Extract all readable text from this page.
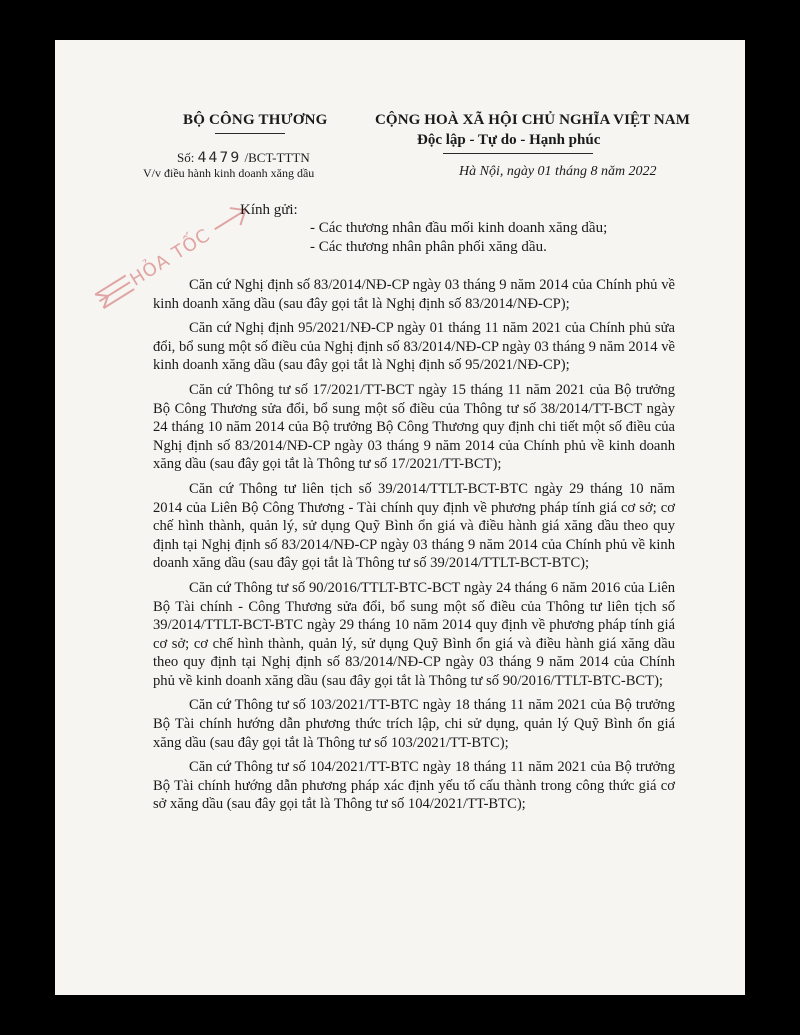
BỘ CÔNG THƯƠNG	CỘNG HOÀ XÃ HỘI CHỦ NGHĨA VIỆT NAM
Độc lập - Tự do - Hạnh phúc
Số: 4479 /BCT-TTTN
V/v điều hành kinh doanh xăng dầu	Hà Nội, ngày 01 tháng 8 năm 2022
HỎA TỐC
Kính gửi:
- Các thương nhân đầu mối kinh doanh xăng dầu;
- Các thương nhân phân phối xăng dầu.

Căn cứ Nghị định số 83/2014/NĐ-CP ngày 03 tháng 9 năm 2014 của Chính phủ về kinh doanh xăng dầu (sau đây gọi tắt là Nghị định số 83/2014/NĐ-CP);

Căn cứ Nghị định 95/2021/NĐ-CP ngày 01 tháng 11 năm 2021 của Chính phủ sửa đổi, bổ sung một số điều của Nghị định số 83/2014/NĐ-CP ngày 03 tháng 9 năm 2014 về kinh doanh xăng dầu (sau đây gọi tắt là Nghị định số 95/2021/NĐ-CP);

Căn cứ Thông tư số 17/2021/TT-BCT ngày 15 tháng 11 năm 2021 của Bộ trưởng Bộ Công Thương sửa đổi, bổ sung một số điều của Thông tư số 38/2014/TT-BCT ngày 24 tháng 10 năm 2014 của Bộ trưởng Bộ Công Thương quy định chi tiết một số điều của Nghị định số 83/2014/NĐ-CP ngày 03 tháng 9 năm 2014 của Chính phủ về kinh doanh xăng dầu (sau đây gọi tắt là Thông tư số 17/2021/TT-BCT);

Căn cứ Thông tư liên tịch số 39/2014/TTLT-BCT-BTC ngày 29 tháng 10 năm 2014 của Liên Bộ Công Thương - Tài chính quy định về phương pháp tính giá cơ sở; cơ chế hình thành, quản lý, sử dụng Quỹ Bình ổn giá và điều hành giá xăng dầu theo quy định tại Nghị định số 83/2014/NĐ-CP ngày 03 tháng 9 năm 2014 của Chính phủ về kinh doanh xăng dầu (sau đây gọi tắt là Thông tư số 39/2014/TTLT-BCT-BTC);

Căn cứ Thông tư số 90/2016/TTLT-BTC-BCT ngày 24 tháng 6 năm 2016 của Liên Bộ Tài chính - Công Thương sửa đổi, bổ sung một số điều của Thông tư liên tịch số 39/2014/TTLT-BCT-BTC ngày 29 tháng 10 năm 2014 quy định về phương pháp tính giá cơ sở; cơ chế hình thành, quản lý, sử dụng Quỹ Bình ổn giá và điều hành giá xăng dầu theo quy định tại Nghị định số 83/2014/NĐ-CP ngày 03 tháng 9 năm 2014 của Chính phủ về kinh doanh xăng dầu (sau đây gọi tắt là Thông tư số 90/2016/TTLT-BTC-BCT);

Căn cứ Thông tư số 103/2021/TT-BTC ngày 18 tháng 11 năm 2021 của Bộ trưởng Bộ Tài chính hướng dẫn phương thức trích lập, chi sử dụng, quản lý Quỹ Bình ổn giá xăng dầu (sau đây gọi tắt là Thông tư số 103/2021/TT-BTC);

Căn cứ Thông tư số 104/2021/TT-BTC ngày 18 tháng 11 năm 2021 của Bộ trưởng Bộ Tài chính hướng dẫn phương pháp xác định yếu tố cấu thành trong công thức giá cơ sở xăng dầu (sau đây gọi tắt là Thông tư số 104/2021/TT-BTC);
